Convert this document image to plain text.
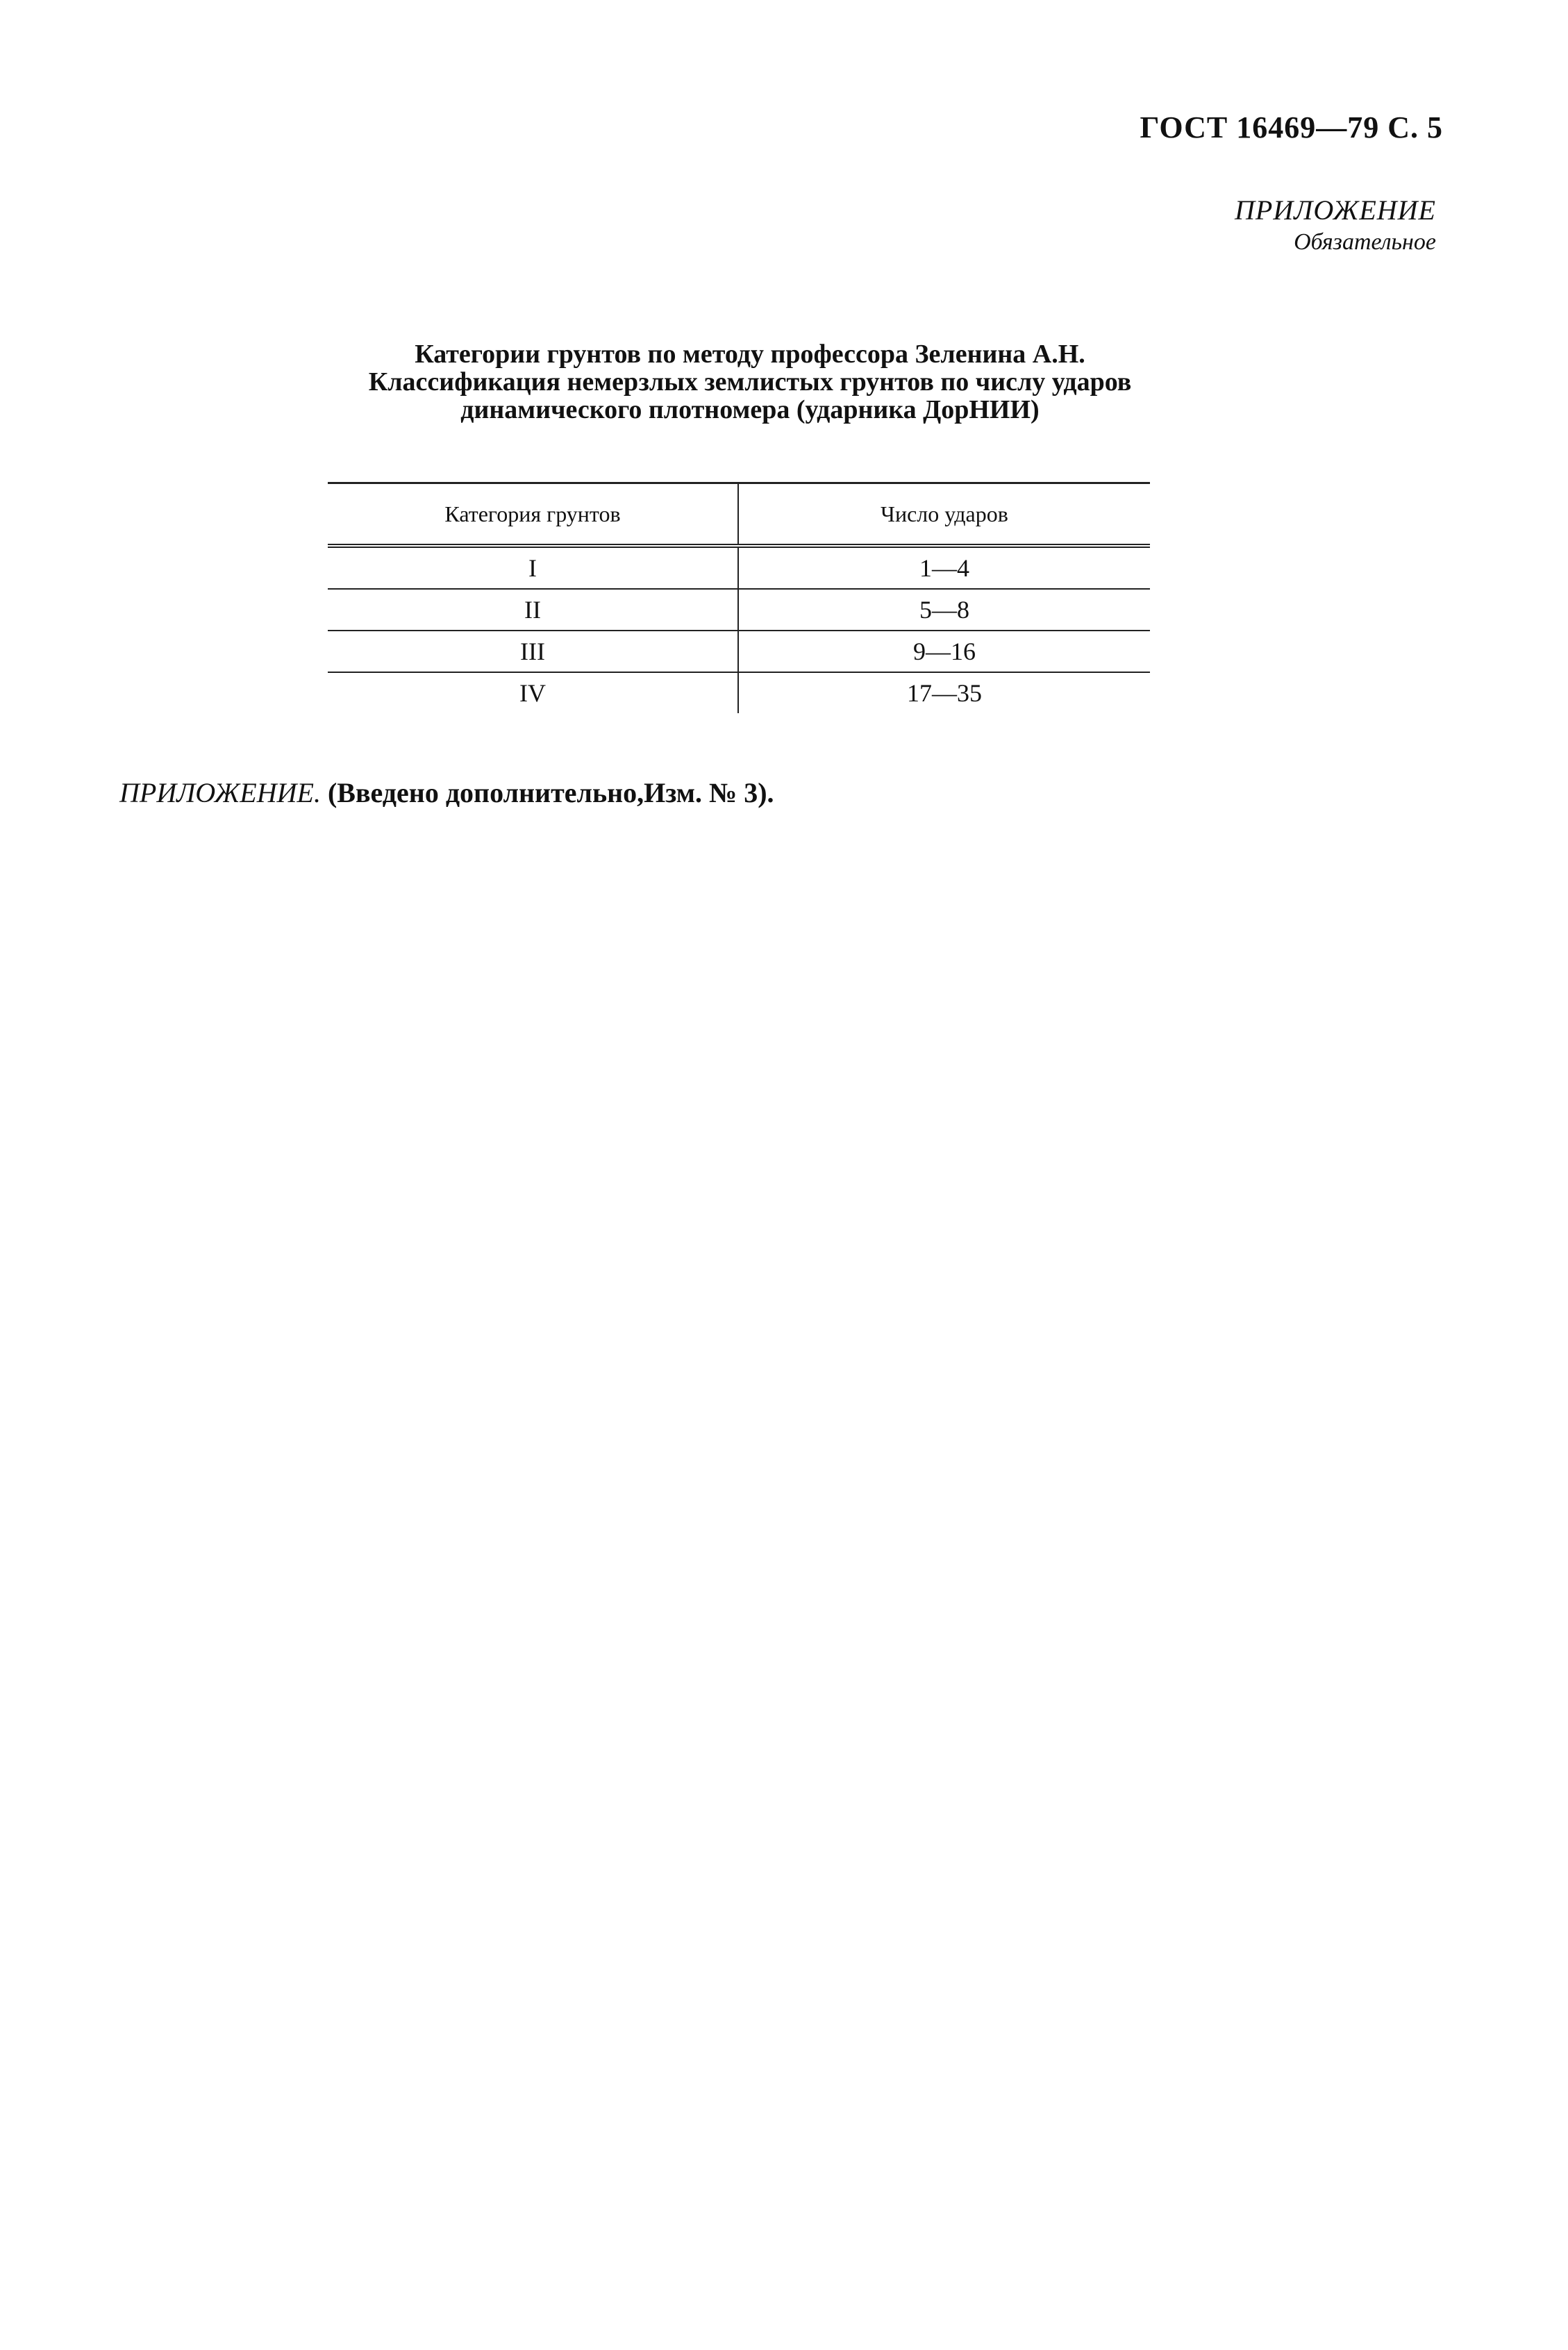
ГОСТ 16469—79 С. 5
ПРИЛОЖЕНИЕ
Обязательное
Категории грунтов по методу профессора Зеленина А.Н.
Классификация немерзлых землистых грунтов по числу ударов
динамического плотномера (ударника ДорНИИ)
Категория грунтов	Число ударов
I	1—4
II	5—8
III	9—16
IV	17—35
ПРИЛОЖЕНИЕ. (Введено дополнительно,Изм. № 3).
